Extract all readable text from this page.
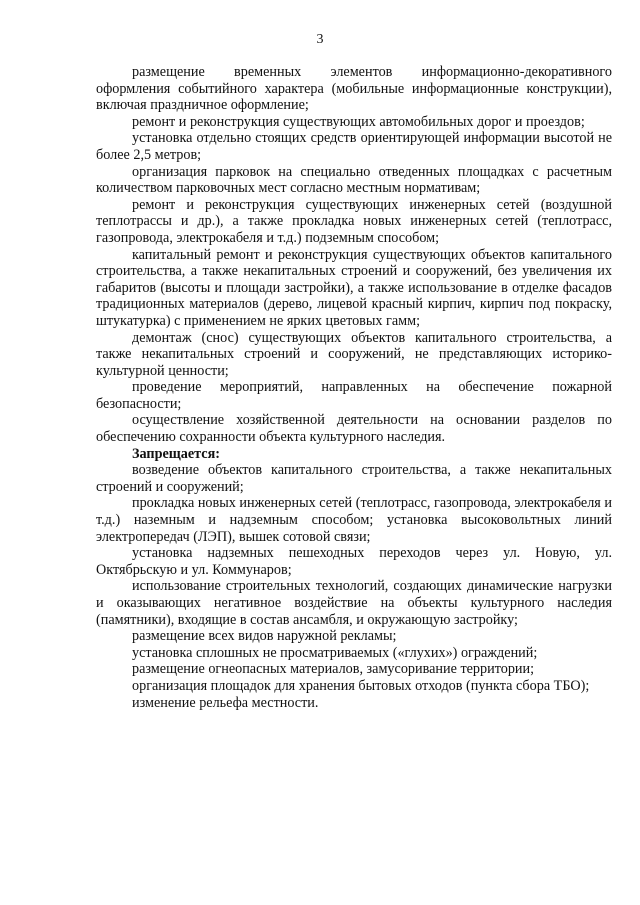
3

размещение временных элементов информационно-декоративного оформления событийного характера (мобильные информационные конструкции), включая праздничное оформление;

ремонт и реконструкция существующих автомобильных дорог и проездов;

установка отдельно стоящих средств ориентирующей информации высотой не более 2,5 метров;

организация парковок на специально отведенных площадках с расчетным количеством парковочных мест согласно местным нормативам;

ремонт и реконструкция существующих инженерных сетей (воздушной теплотрассы и др.), а также прокладка новых инженерных сетей (теплотрасс, газопровода, электрокабеля и т.д.) подземным способом;

капитальный ремонт и реконструкция существующих объектов капитального строительства, а также некапитальных строений и сооружений, без увеличения их габаритов (высоты и площади застройки), а также использование в отделке фасадов традиционных материалов (дерево, лицевой красный кирпич, кирпич под покраску, штукатурка) с применением не ярких цветовых гамм;

демонтаж (снос) существующих объектов капитального строительства, а также некапитальных строений и сооружений, не представляющих историко-культурной ценности;

проведение мероприятий, направленных на обеспечение пожарной безопасности;

осуществление хозяйственной деятельности на основании разделов по обеспечению сохранности объекта культурного наследия.

Запрещается:

возведение объектов капитального строительства, а также некапитальных строений и сооружений;

прокладка новых инженерных сетей (теплотрасс, газопровода, электрокабеля и т.д.) наземным и надземным способом; установка высоковольтных линий электропередач (ЛЭП), вышек сотовой связи;

установка надземных пешеходных переходов через ул. Новую, ул. Октябрьскую и ул. Коммунаров;

использование строительных технологий, создающих динамические нагрузки и оказывающих негативное воздействие на объекты культурного наследия (памятники), входящие в состав ансамбля, и окружающую застройку;

размещение всех видов наружной рекламы;

установка сплошных не просматриваемых («глухих») ограждений;

размещение огнеопасных материалов, замусоривание территории;

организация площадок для хранения бытовых отходов (пункта сбора ТБО);

изменение рельефа местности.
